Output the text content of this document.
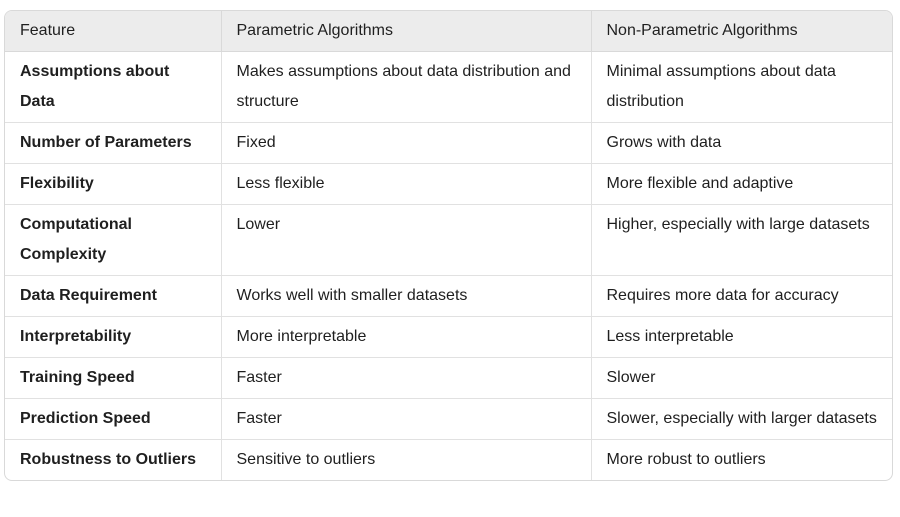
Feature	Parametric Algorithms	Non-Parametric Algorithms
Assumptions about Data	Makes assumptions about data distribution and structure	Minimal assumptions about data distribution
Number of Parameters	Fixed	Grows with data
Flexibility	Less flexible	More flexible and adaptive
Computational Complexity	Lower	Higher, especially with large datasets
Data Requirement	Works well with smaller datasets	Requires more data for accuracy
Interpretability	More interpretable	Less interpretable
Training Speed	Faster	Slower
Prediction Speed	Faster	Slower, especially with larger datasets
Robustness to Outliers	Sensitive to outliers	More robust to outliers
